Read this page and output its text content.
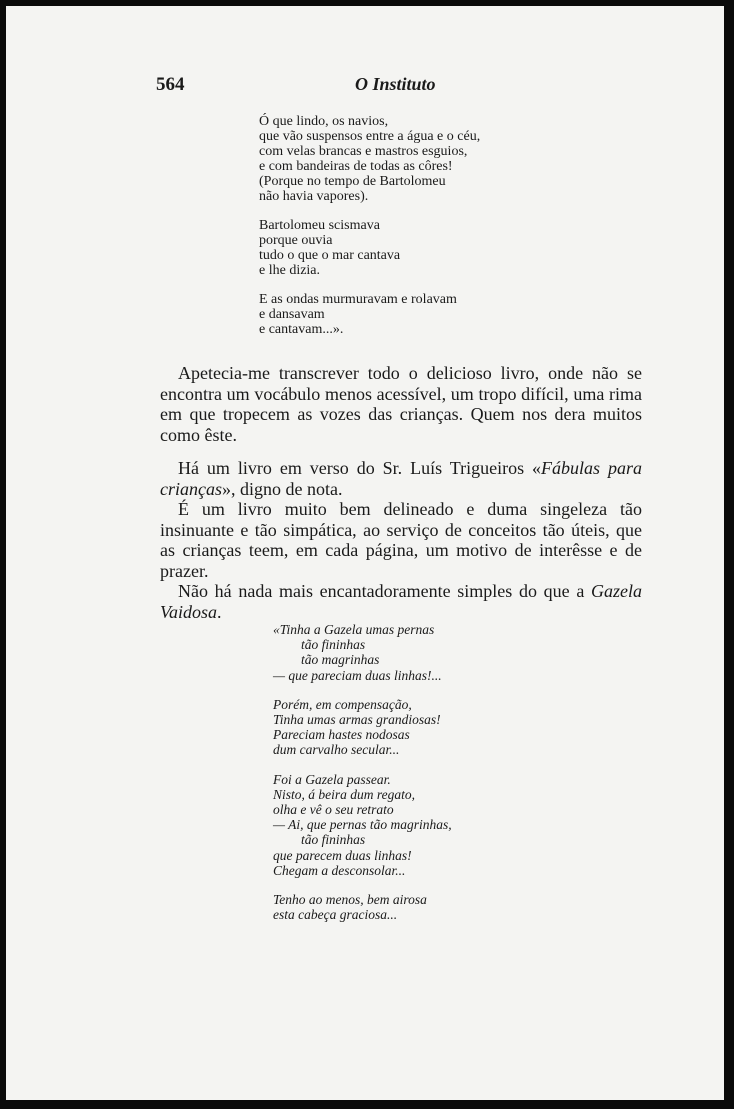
564	O Instituto
Ó que lindo, os navios,
que vão suspensos entre a água e o céu,
com velas brancas e mastros esguios,
e com bandeiras de todas as côres!
(Porque no tempo de Bartolomeu
não havia vapores).
Bartolomeu scismava
porque ouvia
tudo o que o mar cantava
e lhe dizia.
E as ondas murmuravam e rolavam
e dansavam
e cantavam...».

Apetecia-me transcrever todo o delicioso livro, onde não se encontra um vocábulo menos acessível, um tropo difícil, uma rima em que tropecem as vozes das crianças. Quem nos dera muitos como êste.

Há um livro em verso do Sr. Luís Trigueiros «Fábulas para crianças», digno de nota.

É um livro muito bem delineado e duma singeleza tão insinuante e tão simpática, ao serviço de conceitos tão úteis, que as crianças teem, em cada página, um motivo de interêsse e de prazer.

Não há nada mais encantadoramente simples do que a Gazela Vaidosa.

«Tinha a Gazela umas pernas
tão fininhas
tão magrinhas
— que pareciam duas linhas!...
Porém, em compensação,
Tinha umas armas grandiosas!
Pareciam hastes nodosas
dum carvalho secular...
Foi a Gazela passear.
Nisto, á beira dum regato,
olha e vê o seu retrato
— Ai, que pernas tão magrinhas,
tão fininhas
que parecem duas linhas!
Chegam a desconsolar...
Tenho ao menos, bem airosa
esta cabeça graciosa...
